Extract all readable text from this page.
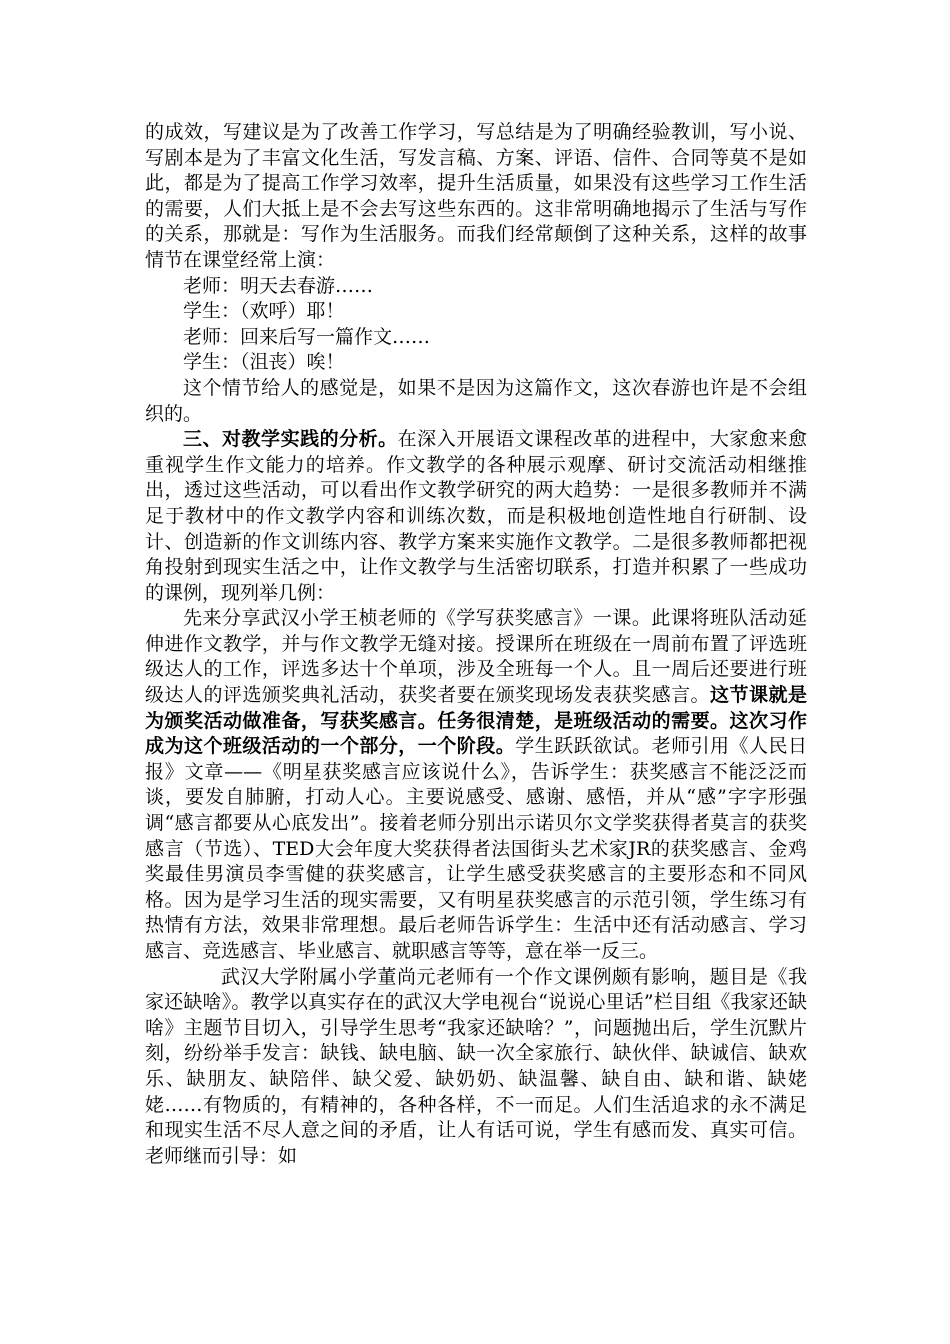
的成效，写建议是为了改善工作学习，写总结是为了明确经验教训，写小说、写剧本是为了丰富文化生活，写发言稿、方案、评语、信件、合同等莫不是如此，都是为了提高工作学习效率，提升生活质量，如果没有这些学习工作生活的需要，人们大抵上是不会去写这些东西的。这非常明确地揭示了生活与写作的关系，那就是：写作为生活服务。而我们经常颠倒了这种关系，这样的故事情节在课堂经常上演：

老师：明天去春游……

学生：（欢呼）耶！

老师：回来后写一篇作文……

学生：（沮丧）唉！

这个情节给人的感觉是，如果不是因为这篇作文，这次春游也许是不会组织的。

三、对教学实践的分析。在深入开展语文课程改革的进程中，大家愈来愈重视学生作文能力的培养。作文教学的各种展示观摩、研讨交流活动相继推出，透过这些活动，可以看出作文教学研究的两大趋势：一是很多教师并不满足于教材中的作文教学内容和训练次数，而是积极地创造性地自行研制、设计、创造新的作文训练内容、教学方案来实施作文教学。二是很多教师都把视角投射到现实生活之中，让作文教学与生活密切联系，打造并积累了一些成功的课例，现列举几例：

先来分享武汉小学王桢老师的《学写获奖感言》一课。此课将班队活动延伸进作文教学，并与作文教学无缝对接。授课所在班级在一周前布置了评选班级达人的工作，评选多达十个单项，涉及全班每一个人。且一周后还要进行班级达人的评选颁奖典礼活动，获奖者要在颁奖现场发表获奖感言。这节课就是为颁奖活动做准备，写获奖感言。任务很清楚，是班级活动的需要。这次习作成为这个班级活动的一个部分，一个阶段。学生跃跃欲试。老师引用《人民日报》文章——《明星获奖感言应该说什么》，告诉学生：获奖感言不能泛泛而谈，要发自肺腑，打动人心。主要说感受、感谢、感悟，并从“感”字字形强调“感言都要从心底发出”。接着老师分别出示诺贝尔文学奖获得者莫言的获奖感言（节选）、TED大会年度大奖获得者法国街头艺术家JR的获奖感言、金鸡奖最佳男演员李雪健的获奖感言，让学生感受获奖感言的主要形态和不同风格。因为是学习生活的现实需要，又有明星获奖感言的示范引领，学生练习有热情有方法，效果非常理想。最后老师告诉学生：生活中还有活动感言、学习感言、竞选感言、毕业感言、就职感言等等，意在举一反三。

武汉大学附属小学董尚元老师有一个作文课例颇有影响，题目是《我家还缺啥》。教学以真实存在的武汉大学电视台“说说心里话”栏目组《我家还缺啥》主题节目切入，引导学生思考“我家还缺啥？”，问题抛出后，学生沉默片刻，纷纷举手发言：缺钱、缺电脑、缺一次全家旅行、缺伙伴、缺诚信、缺欢乐、缺朋友、缺陪伴、缺父爱、缺奶奶、缺温馨、缺自由、缺和谐、缺姥姥……有物质的，有精神的，各种各样，不一而足。人们生活追求的永不满足和现实生活不尽人意之间的矛盾，让人有话可说，学生有感而发、真实可信。老师继而引导：如
